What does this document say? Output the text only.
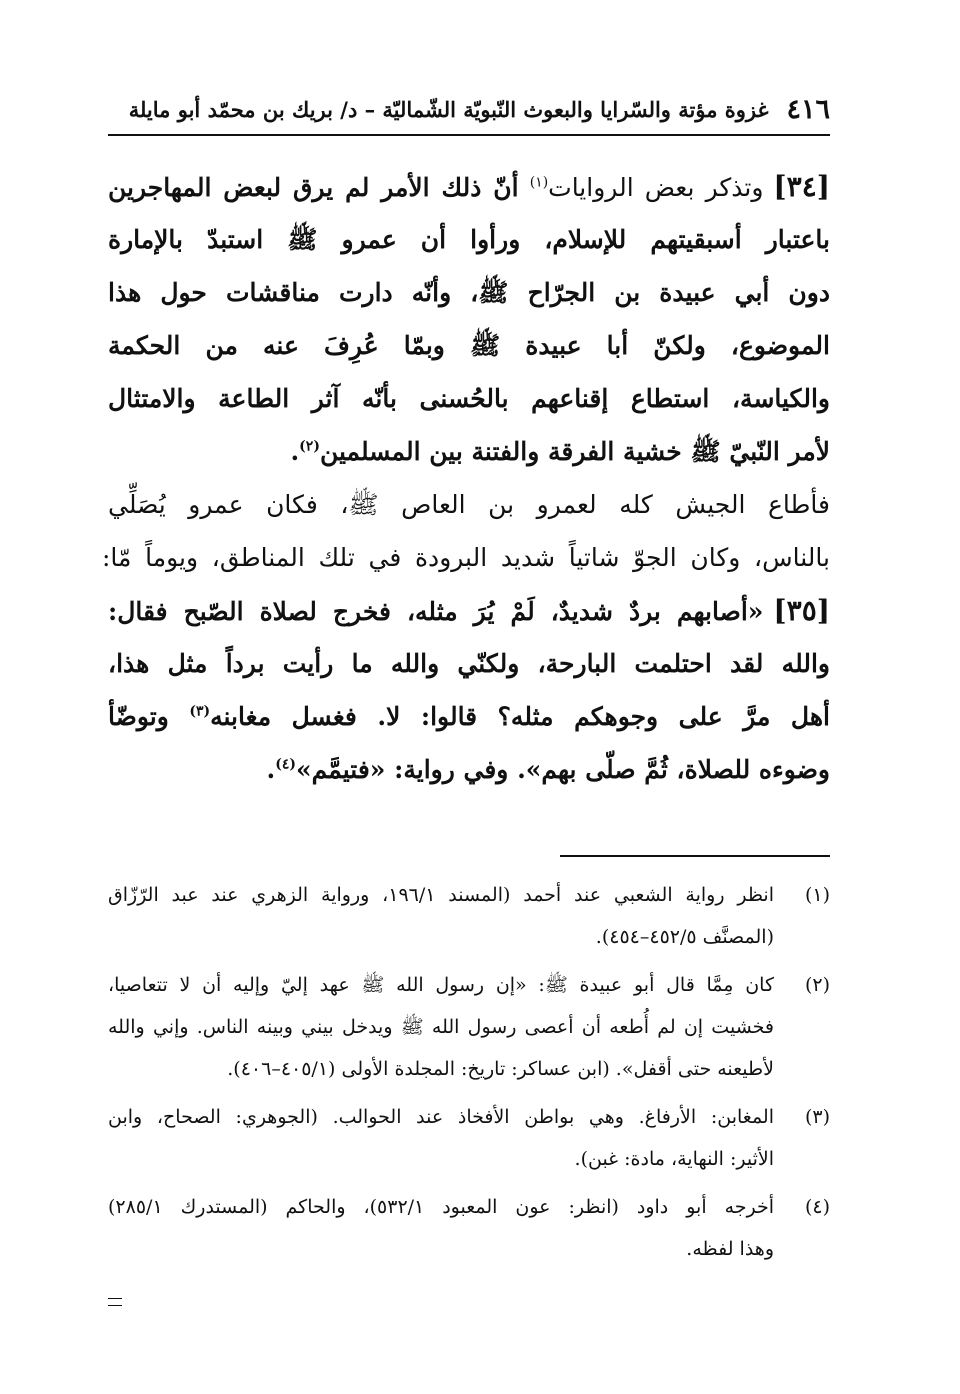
٤١٦
غزوة مؤتة والسّرايا والبعوث النّبويّة الشّماليّة – د/ بريك بن محمّد أبو مايلة
[٣٤]وتذكر بعض الروايات$^{(١)}$ أنّ ذلك الأمر لم يرق لبعض المهاجرين
باعتبار أسبقيتهم للإسلام، ورأوا أن عمرو ﷺ استبدّ بالإمارة
دون أبي عبيدة بن الجرّاح ﷺ، وأنّه دارت مناقشات حول هذا
الموضوع، ولكنّ أبا عبيدة ﷺ وبمّا عُرِفَ عنه من الحكمة
والكياسة، استطاع إقناعهم بالحُسنى بأنّه آثر الطاعة والامتثال
لأمر النّبيّ ﷺ خشية الفرقة والفتنة بين المسلمين$^{(٢)}$.
فأطاع الجيش كله لعمرو بن العاص ﷺ، فكان عمرو يُصَلِّي
بالناس، وكان الجوّ شاتياً شديد البرودة في تلك المناطق، ويوماً مّا:
[٣٥]«أصابهم بردٌ شديدٌ، لَمْ يُرَ مثله، فخرج لصلاة الصّبح فقال:
والله لقد احتلمت البارحة، ولكنّي والله ما رأيت برداً مثل هذا،
أهل مرَّ على وجوهكم مثله؟ قالوا: لا. فغسل مغابنه$^{(٣)}$ وتوضّأ
وضوءه للصلاة، ثُمَّ صلّى بهم». وفي رواية: «فتيمَّم»$^{(٤)}$.
(١)
انظر رواية الشعبي عند أحمد (المسند ١٩٦/١، ورواية الزهري عند عبد الرّزّاق
(المصنَّف ٤٥٢/٥–٤٥٤).
(٢)
كان مِمَّا قال أبو عبيدة ﷺ: «إن رسول الله ﷺ عهد إليّ وإليه أن لا تتعاصيا،
فخشيت إن لم أُطعه أن أعصى رسول الله ﷺ ويدخل بيني وبينه الناس. وإني والله
لأطيعنه حتى أقفل». (ابن عساكر: تاريخ: المجلدة الأولى (٤٠٥/١–٤٠٦).
(٣)
المغابن: الأرفاغ. وهي بواطن الأفخاذ عند الحوالب. (الجوهري: الصحاح، وابن
الأثير: النهاية، مادة: غبن).
(٤)
أخرجه أبو داود (انظر: عون المعبود ٥٣٢/١)، والحاكم (المستدرك ٢٨٥/١)
وهذا لفظه.
